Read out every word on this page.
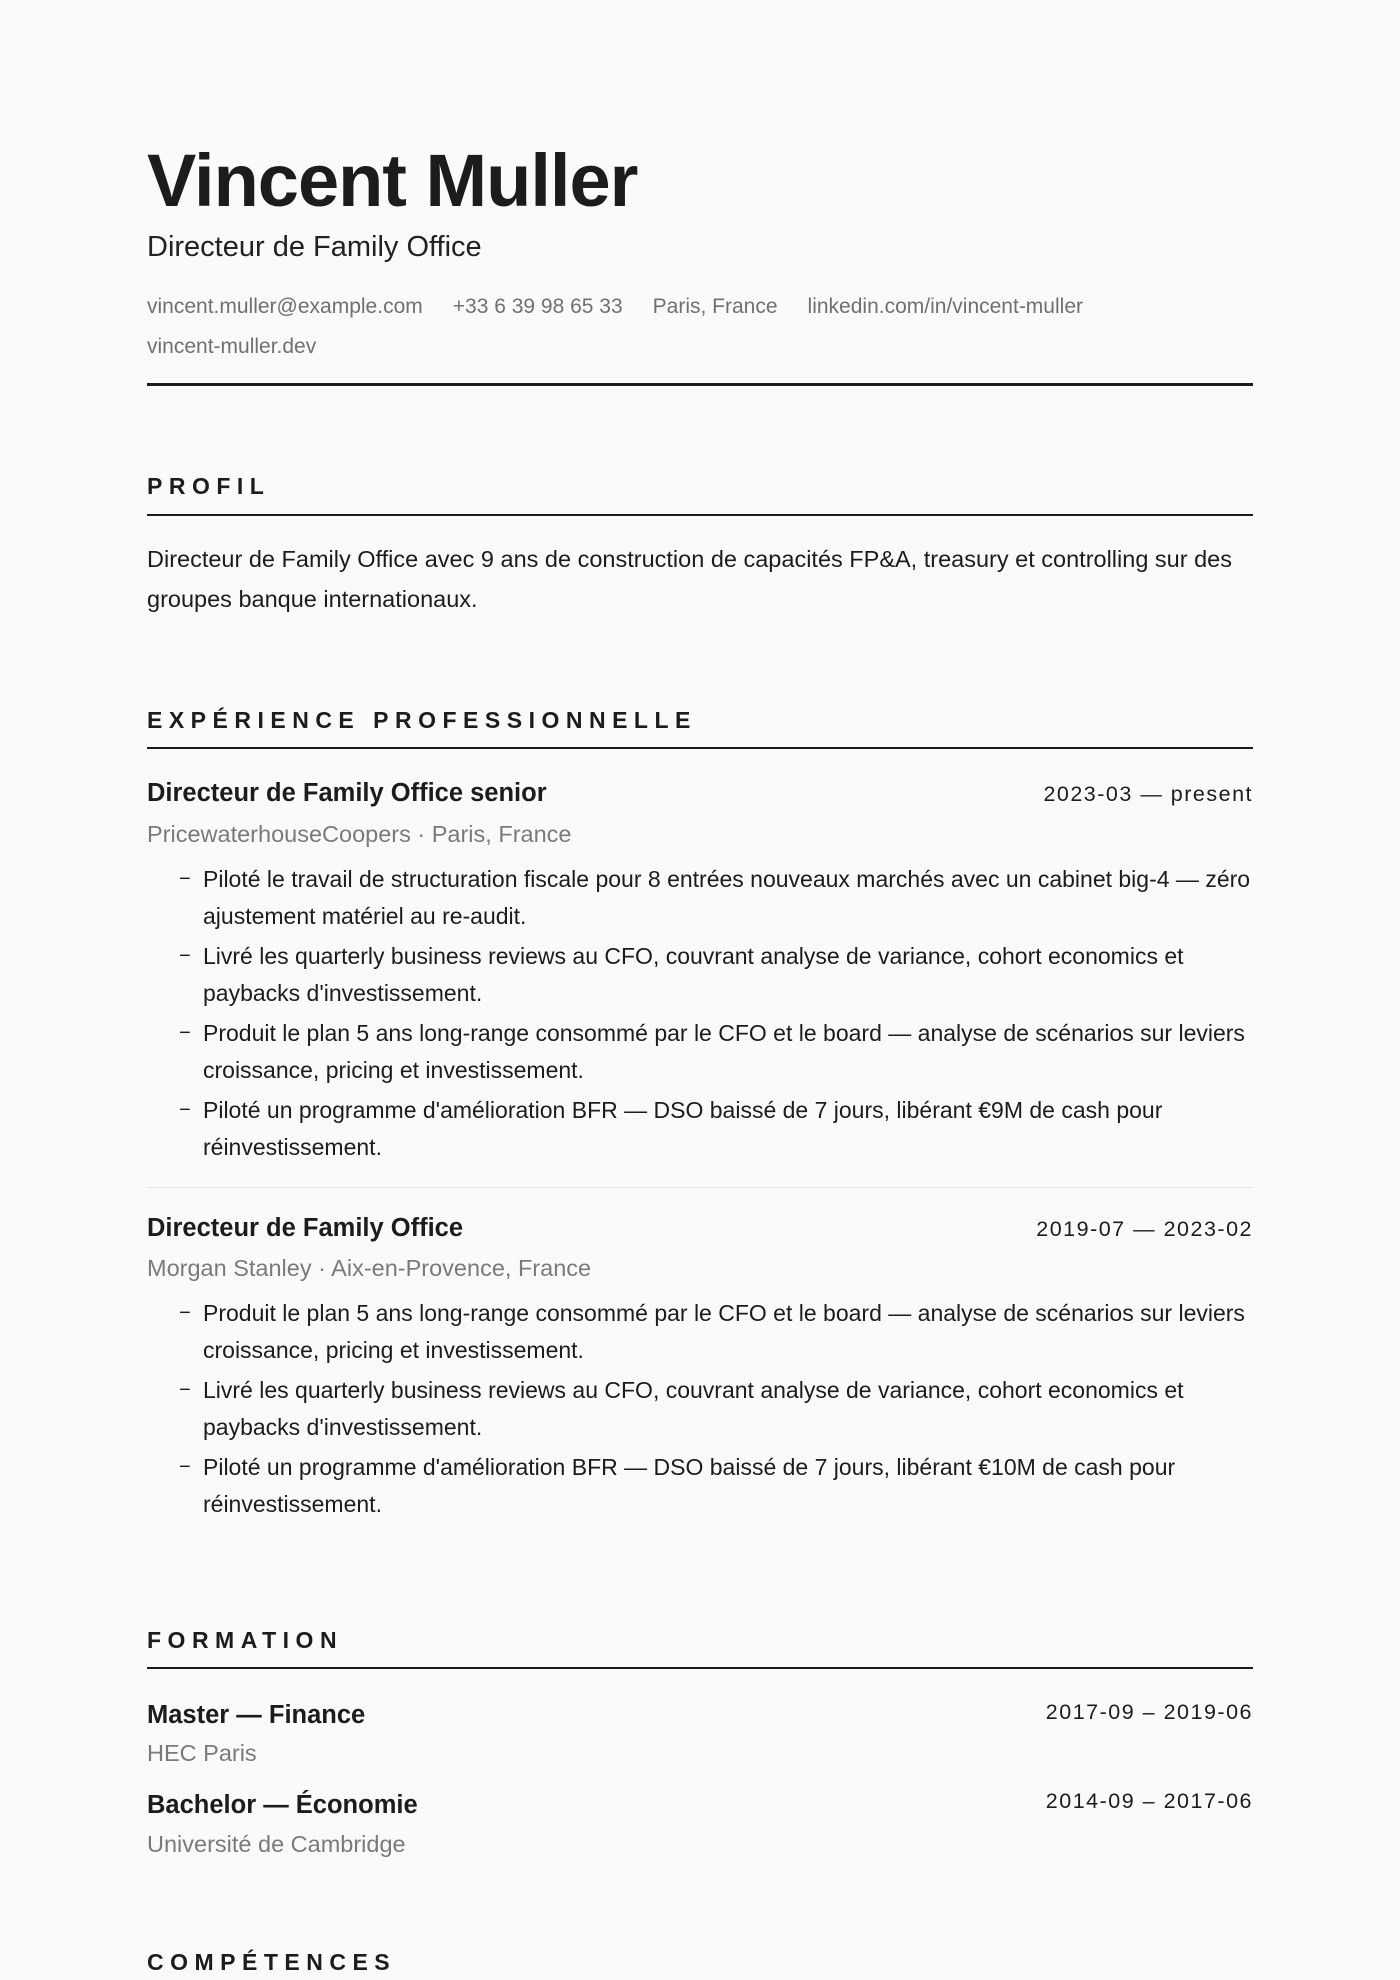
Vincent Muller
Directeur de Family Office
vincent.muller@example.com +33 6 39 98 65 33 Paris, France linkedin.com/in/vincent-mullervincent-muller.dev
PROFIL
Directeur de Family Office avec 9 ans de construction de capacités FP&A, treasury et controlling sur des groupes banque internationaux.
EXPÉRIENCE PROFESSIONNELLE
Directeur de Family Office senior	2023-03 — present
PricewaterhouseCoopers · Paris, France
− Piloté le travail de structuration fiscale pour 8 entrées nouveaux marchés avec un cabinet big-4 — zéro ajustement matériel au re-audit.
− Livré les quarterly business reviews au CFO, couvrant analyse de variance, cohort economics et paybacks d'investissement.
− Produit le plan 5 ans long-range consommé par le CFO et le board — analyse de scénarios sur leviers croissance, pricing et investissement.
− Piloté un programme d'amélioration BFR — DSO baissé de 7 jours, libérant €9M de cash pour réinvestissement.
Directeur de Family Office	2019-07 — 2023-02
Morgan Stanley · Aix-en-Provence, France
− Produit le plan 5 ans long-range consommé par le CFO et le board — analyse de scénarios sur leviers croissance, pricing et investissement.
− Livré les quarterly business reviews au CFO, couvrant analyse de variance, cohort economics et paybacks d'investissement.
− Piloté un programme d'amélioration BFR — DSO baissé de 7 jours, libérant €10M de cash pour réinvestissement.
FORMATION
Master — Finance	2017-09 – 2019-06
HEC Paris
Bachelor — Économie	2014-09 – 2017-06
Université de Cambridge
COMPÉTENCES
